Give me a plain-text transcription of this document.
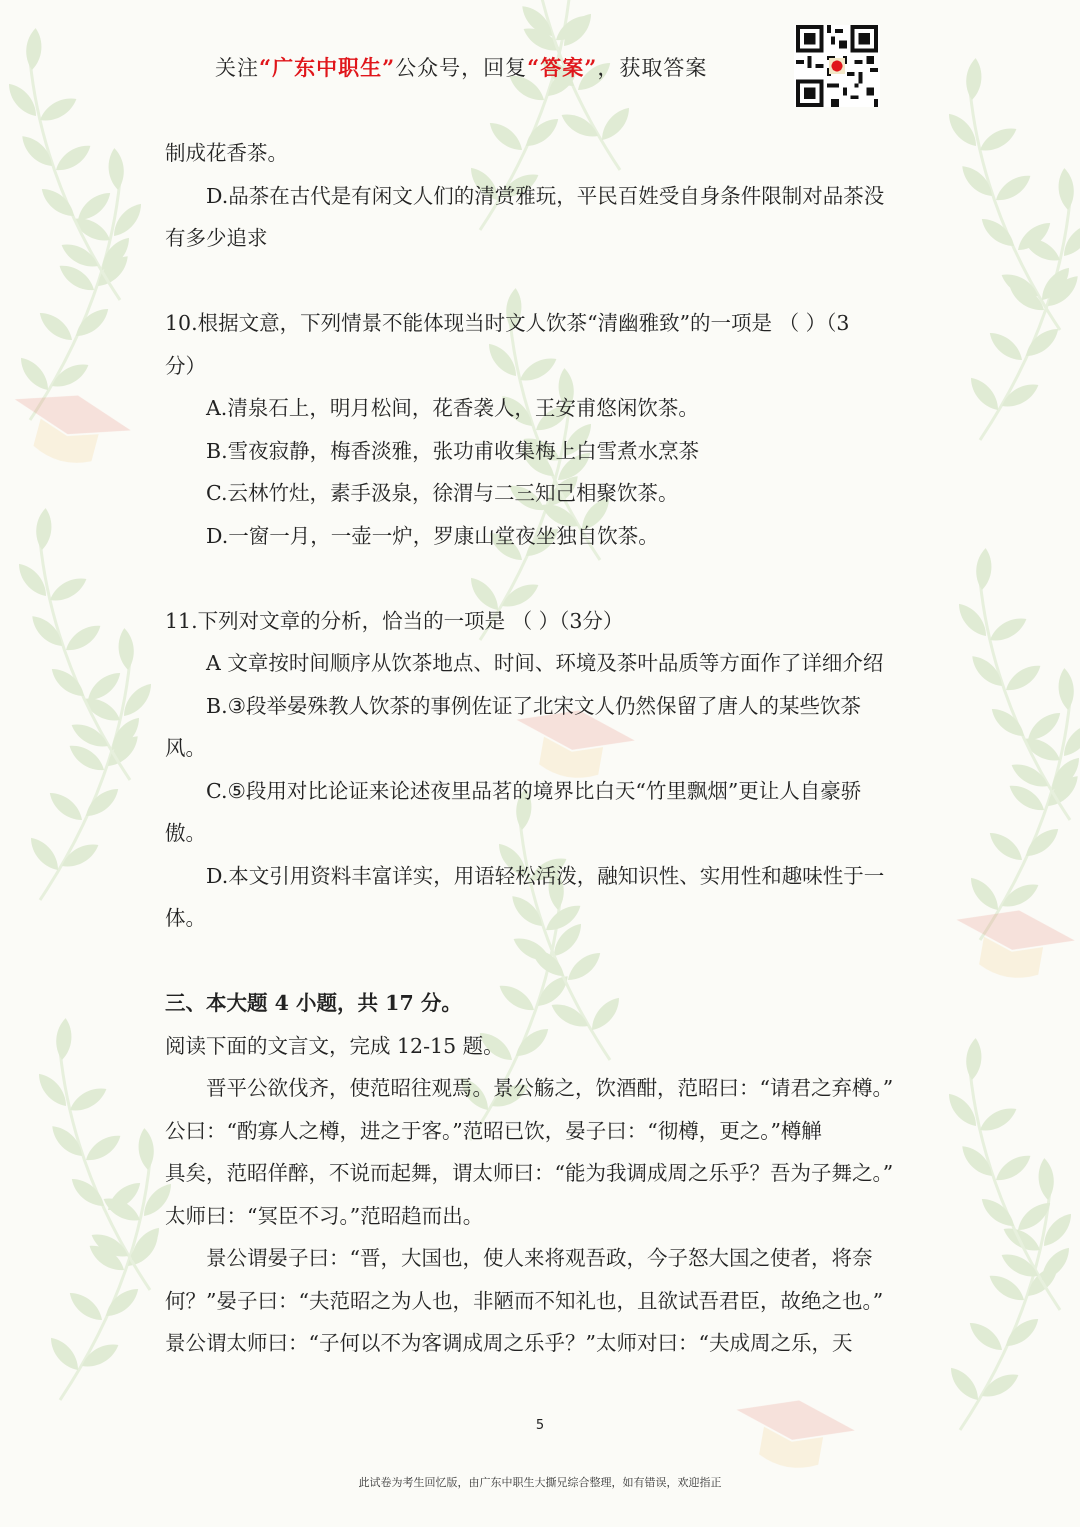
关注“广东中职生”公众号，回复“答案”，获取答案
制成花香茶。
D.品茶在古代是有闲文人们的清赏雅玩，平民百姓受自身条件限制对品茶没
有多少追求
10.根据文意，下列情景不能体现当时文人饮茶“清幽雅致”的一项是 （ ）（3
分）
A.清泉石上，明月松间，花香袭人，王安甫悠闲饮茶。
B.雪夜寂静，梅香淡雅，张功甫收集梅上白雪煮水烹茶
C.云林竹灶，素手汲泉，徐渭与二三知己相聚饮茶。
D.一窗一月，一壶一炉，罗康山堂夜坐独自饮茶。
11.下列对文章的分析，恰当的一项是 （ ）（3分）
A 文章按时间顺序从饮茶地点、时间、环境及茶叶品质等方面作了详细介绍
B.③段举晏殊教人饮茶的事例佐证了北宋文人仍然保留了唐人的某些饮茶
风。
C.⑤段用对比论证来论述夜里品茗的境界比白天“竹里飘烟”更让人自豪骄
傲。
D.本文引用资料丰富详实，用语轻松活泼，融知识性、实用性和趣味性于一
体。
三、本大题 4 小题，共 17 分。
阅读下面的文言文，完成 12-15 题。
晋平公欲伐齐，使范昭往观焉。景公觞之，饮酒酣，范昭曰：“请君之弃樽。”
公曰：“酌寡人之樽，进之于客。”范昭已饮，晏子曰：“彻樽，更之。”樽觯
具矣，范昭佯醉，不说而起舞，谓太师曰：“能为我调成周之乐乎？吾为子舞之。”
太师曰：“冥臣不习。”范昭趋而出。
景公谓晏子曰：“晋，大国也，使人来将观吾政，今子怒大国之使者，将奈
何？”晏子曰：“夫范昭之为人也，非陋而不知礼也，且欲试吾君臣，故绝之也。”
景公谓太师曰：“子何以不为客调成周之乐乎？”太师对曰：“夫成周之乐，天
5
此试卷为考生回忆版，由广东中职生大撕兄综合整理，如有错误，欢迎指正
